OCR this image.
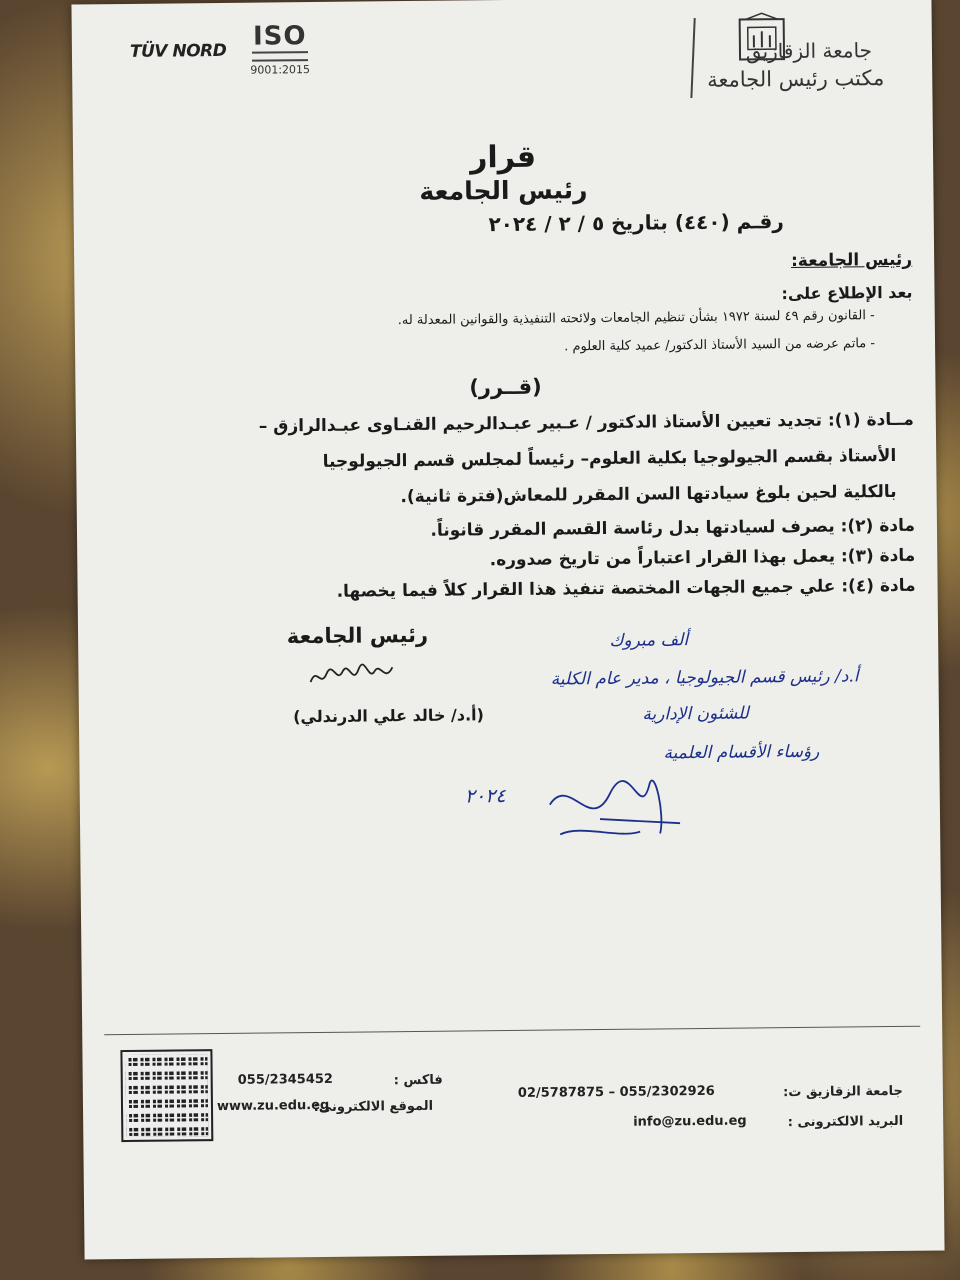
TÜV NORD	ISO
9001:2015
جامعة الزقازيق
مكتب رئيس الجامعة
قرار
رئيس الجامعة
رقـم (٤٤٠) بتاريخ ٥ / ٢ / ٢٠٢٤
رئيس الجامعة:
بعد الإطلاع على:
- القانون رقم ٤٩ لسنة ١٩٧٢ بشأن تنظيم الجامعات ولائحته التنفيذية والقوانين المعدلة له.
- ماتم عرضه من السيد الأستاذ الدكتور/ عميد كلية العلوم .
(قــرر)
مــادة (١): تجديد تعيين الأستاذ الدكتور / عـبير عبـدالرحيم القنـاوى عبـدالرازق –
الأستاذ بقسم الجيولوجيا بكلية العلوم– رئيساً لمجلس قسم الجيولوجيا
بالكلية لحين بلوغ سيادتها السن المقرر للمعاش(فترة ثانية).
مادة (٢): يصرف لسيادتها بدل رئاسة القسم المقرر قانوناً.
مادة (٣): يعمل بهذا القرار اعتباراً من تاريخ صدوره.
مادة (٤): علي جميع الجهات المختصة تنفيذ هذا القرار كلاً فيما يخصها.
رئيس الجامعة
(أ.د/ خالد علي الدرندلي)
ألف مبروك
أ.د/ رئيس قسم الجيولوجيا ، مدير عام الكلية
للشئون الإدارية
رؤساء الأقسام العلمية
٢٠٢٤
جامعة الزقازيق ت:
02/5787875 – 055/2302926
فاكس :
055/2345452
البريد الالكترونى :
info@zu.edu.eg
الموقع الالكترونى:
www.zu.edu.eg
